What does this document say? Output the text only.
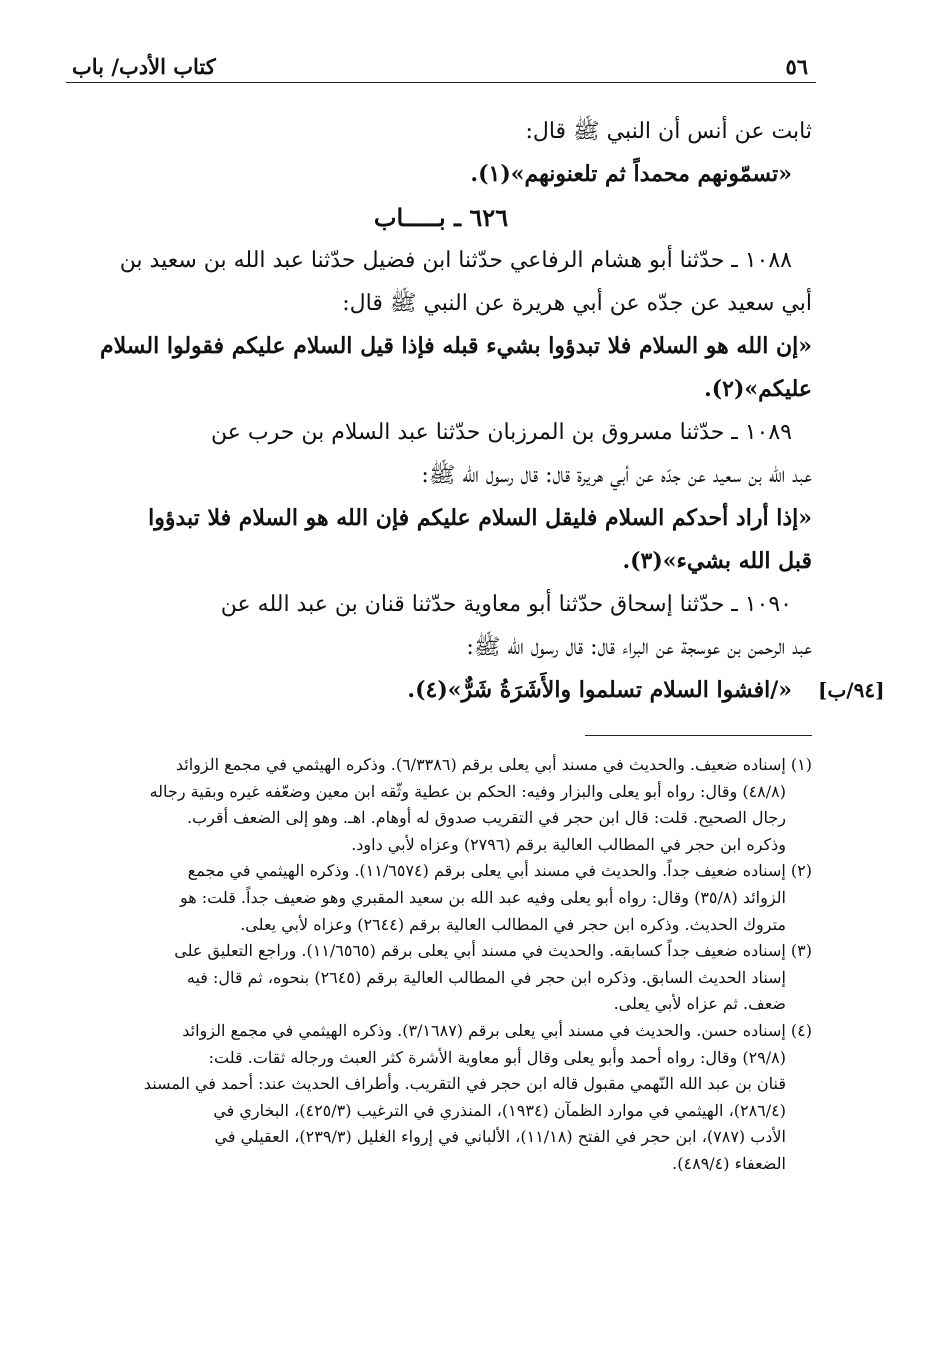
٥٦
كتاب الأدب/ باب
ثابت عن أنس أن النبي ﷺ قال:
«تسمّونهم محمداً ثم تلعنونهم»(١).
٦٢٦ ـ بـــــاب
١٠٨٨ ـ حدّثنا أبو هشام الرفاعي حدّثنا ابن فضيل حدّثنا عبد الله بن سعيد بن
أبي سعيد عن جدّه عن أبي هريرة عن النبي ﷺ قال:
«إن الله هو السلام فلا تبدؤوا بشيء قبله فإذا قيل السلام عليكم فقولوا السلام
عليكم»(٢).
١٠٨٩ ـ حدّثنا مسروق بن المرزبان حدّثنا عبد السلام بن حرب عن
عبد الله بن سعيد عن جدّه عن أبي هريرة قال: قال رسول الله ﷺ:
«إذا أراد أحدكم السلام فليقل السلام عليكم فإن الله هو السلام فلا تبدؤوا
قبل الله بشيء»(٣).
١٠٩٠ ـ حدّثنا إسحاق حدّثنا أبو معاوية حدّثنا قنان بن عبد الله عن
عبد الرحمن بن عوسجة عن البراء قال: قال رسول الله ﷺ:
«/افشوا السلام تسلموا والأَشَرَةُ شَرٌّ»(٤).	[٩٤/ب]
(١) إسناده ضعيف. والحديث في مسند أبي يعلى برقم (٦/٣٣٨٦). وذكره الهيثمي في مجمع الزوائد
(٤٨/٨) وقال: رواه أبو يعلى والبزار وفيه: الحكم بن عطية وثّقه ابن معين وضعّفه غيره وبقية رجاله
رجال الصحيح. قلت: قال ابن حجر في التقريب صدوق له أوهام. اهـ. وهو إلى الضعف أقرب.
وذكره ابن حجر في المطالب العالية برقم (٢٧٩٦) وعزاه لأبي داود.
(٢) إسناده ضعيف جداً. والحديث في مسند أبي يعلى برقم (١١/٦٥٧٤). وذكره الهيثمي في مجمع
الزوائد (٣٥/٨) وقال: رواه أبو يعلى وفيه عبد الله بن سعيد المقبري وهو ضعيف جداً. قلت: هو
متروك الحديث. وذكره ابن حجر في المطالب العالية برقم (٢٦٤٤) وعزاه لأبي يعلى.
(٣) إسناده ضعيف جداً كسابقه. والحديث في مسند أبي يعلى برقم (١١/٦٥٦٥). وراجع التعليق على
إسناد الحديث السابق. وذكره ابن حجر في المطالب العالية برقم (٢٦٤٥) بنحوه، ثم قال: فيه
ضعف. ثم عزاه لأبي يعلى.
(٤) إسناده حسن. والحديث في مسند أبي يعلى برقم (٣/١٦٨٧). وذكره الهيثمي في مجمع الزوائد
(٢٩/٨) وقال: رواه أحمد وأبو يعلى وقال أبو معاوية الأشرة كثر العبث ورجاله ثقات. قلت:
قنان بن عبد الله النّهمي مقبول قاله ابن حجر في التقريب. وأطراف الحديث عند: أحمد في المسند
(٢٨٦/٤)، الهيثمي في موارد الظمآن (١٩٣٤)، المنذري في الترغيب (٤٢٥/٣)، البخاري في
الأدب (٧٨٧)، ابن حجر في الفتح (١١/١٨)، الألباني في إرواء الغليل (٢٣٩/٣)، العقيلي في
الضعفاء (٤٨٩/٤).
